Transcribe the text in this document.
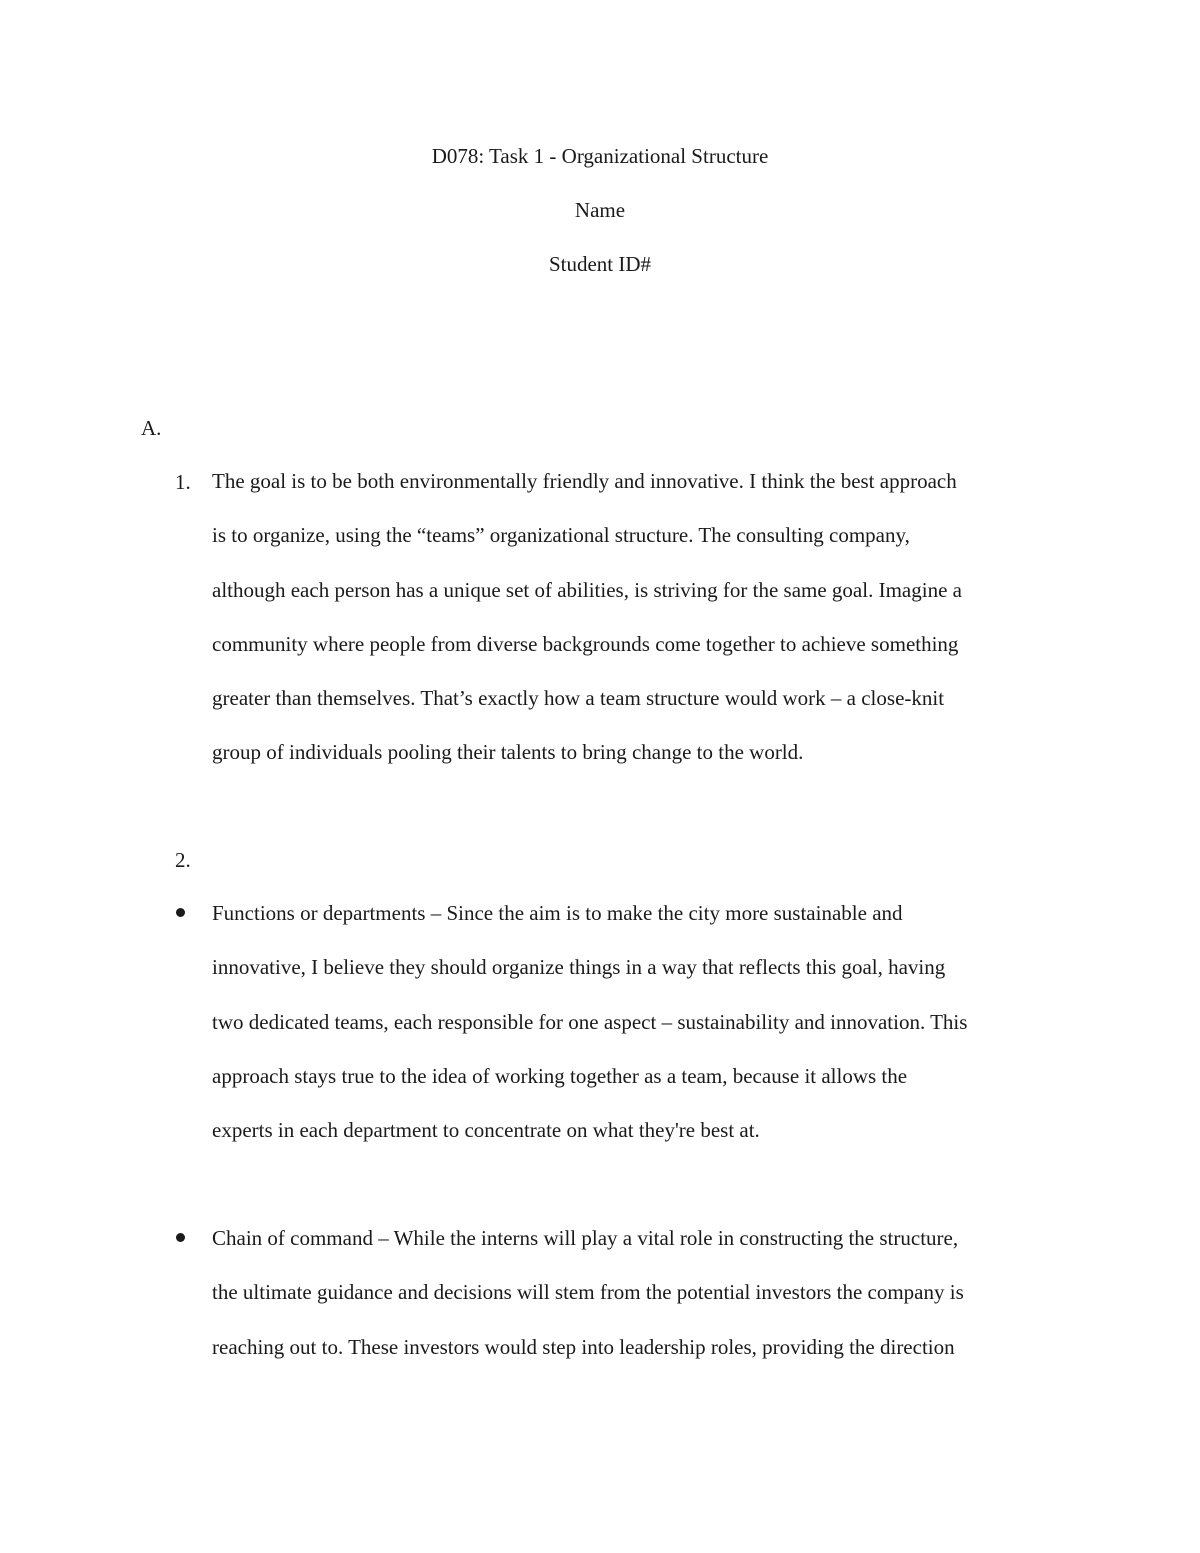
D078: Task 1 - Organizational Structure
Name
Student ID#
A.
1. The goal is to be both environmentally friendly and innovative. I think the best approach
is to organize, using the “teams” organizational structure. The consulting company,
although each person has a unique set of abilities, is striving for the same goal. Imagine a
community where people from diverse backgrounds come together to achieve something
greater than themselves. That’s exactly how a team structure would work – a close-knit
group of individuals pooling their talents to bring change to the world.
2.
Functions or departments – Since the aim is to make the city more sustainable and
innovative, I believe they should organize things in a way that reflects this goal, having
two dedicated teams, each responsible for one aspect – sustainability and innovation. This
approach stays true to the idea of working together as a team, because it allows the
experts in each department to concentrate on what they're best at.
Chain of command – While the interns will play a vital role in constructing the structure,
the ultimate guidance and decisions will stem from the potential investors the company is
reaching out to. These investors would step into leadership roles, providing the direction
